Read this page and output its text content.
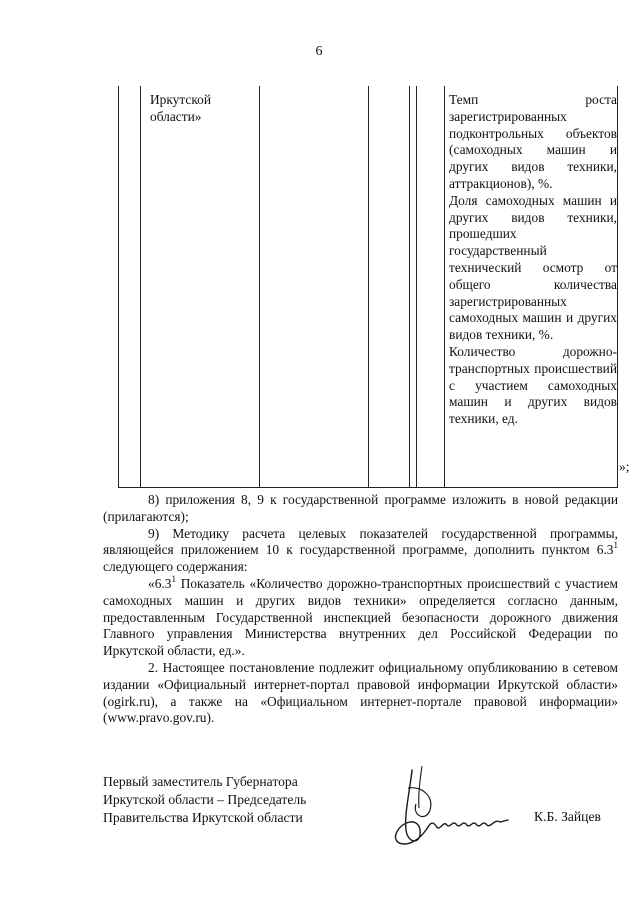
6
Иркутской области»

Темп роста зарегистрированных подконтрольных объектов (самоходных машин и других видов техники, аттракционов), %.

Доля самоходных машин и других видов техники, прошедших государственный технический осмотр от общего количества зарегистрированных самоходных машин и других видов техники, %.

Количество дорожно-транспортных происшествий с участием самоходных машин и других видов техники, ед.

»;

8) приложения 8, 9 к государственной программе изложить в новой редакции (прилагаются);

9) Методику расчета целевых показателей государственной программы, являющейся приложением 10 к государственной программе, дополнить пунктом $6.3^1$ следующего содержания:

«$6.3^1$ Показатель «Количество дорожно-транспортных происшествий с участием самоходных машин и других видов техники» определяется согласно данным, предоставленным Государственной инспекцией безопасности дорожного движения Главного управления Министерства внутренних дел Российской Федерации по Иркутской области, ед.».

2. Настоящее постановление подлежит официальному опубликованию в сетевом издании «Официальный интернет-портал правовой информации Иркутской области» (ogirk.ru), а также на «Официальном интернет-портале правовой информации» (www.pravo.gov.ru).

Первый заместитель Губернатора
Иркутской области – Председатель
Правительства Иркутской области	К.Б. Зайцев
